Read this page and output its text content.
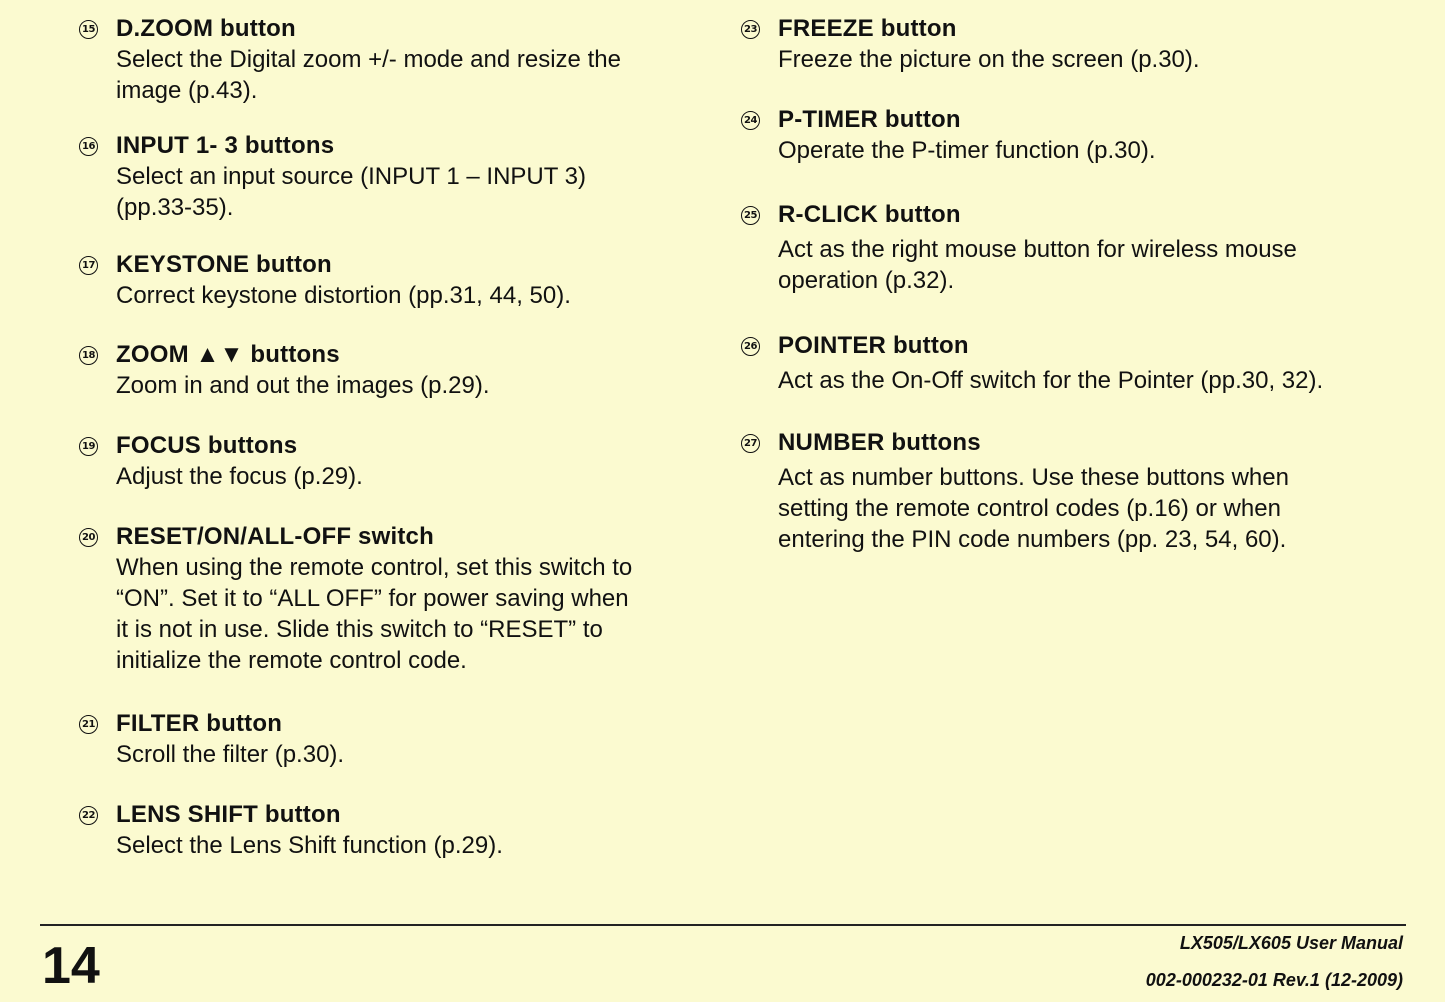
15 D.ZOOM button
Select the Digital zoom +/- mode and resize the
image (p.43).
16 INPUT 1- 3 buttons
Select an input source (INPUT 1 – INPUT 3)
(pp.33-35).
17 KEYSTONE button
Correct keystone distortion (pp.31, 44, 50).
18 ZOOM ▲▼ buttons
Zoom in and out the images (p.29).
19 FOCUS buttons
Adjust the focus (p.29).
20 RESET/ON/ALL-OFF switch
When using the remote control, set this switch to
“ON”. Set it to “ALL OFF” for power saving when
it is not in use. Slide this switch to “RESET” to
initialize the remote control code.
21 FILTER button
Scroll the filter (p.30).
22 LENS SHIFT button
Select the Lens Shift function (p.29).
23 FREEZE button
Freeze the picture on the screen (p.30).
24 P-TIMER button
Operate the P-timer function (p.30).
25 R-CLICK button
Act as the right mouse button for wireless mouse
operation (p.32).
26 POINTER button
Act as the On-Off switch for the Pointer (pp.30, 32).
27 NUMBER buttons
Act as number buttons. Use these buttons when
setting the remote control codes (p.16) or when
entering the PIN code numbers (pp. 23, 54, 60).
14	LX505/LX605 User Manual
002-000232-01 Rev.1 (12-2009)
